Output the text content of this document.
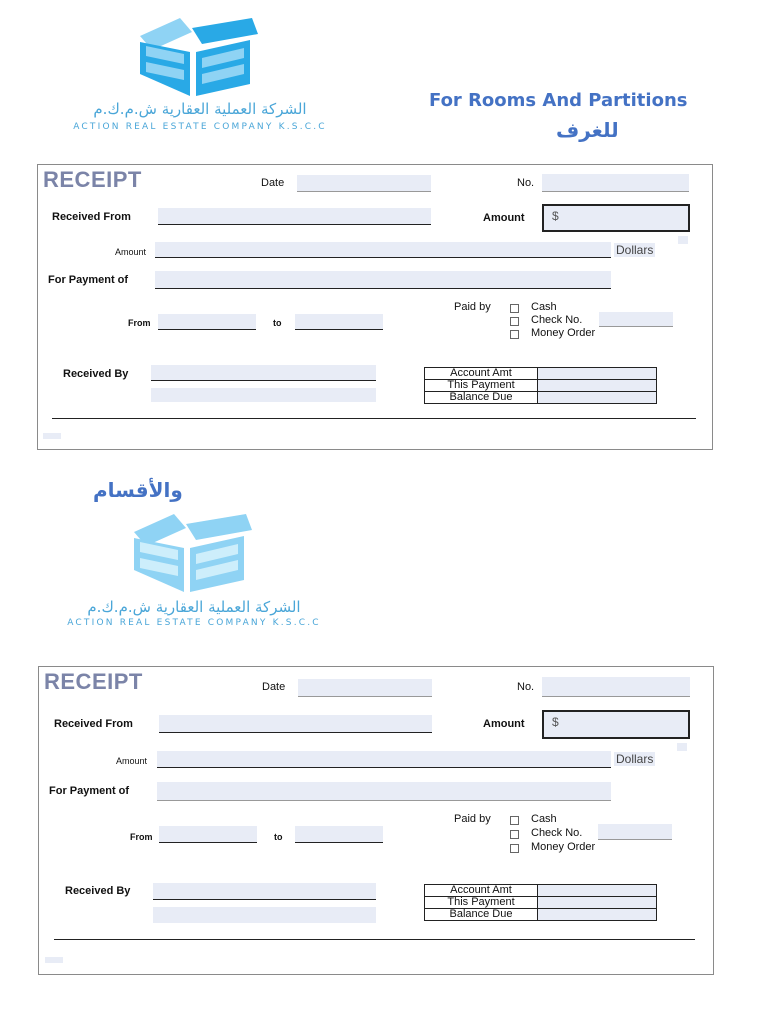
الشركة العملية العقارية ش.م.ك.م
ACTION REAL ESTATE COMPANY K.S.C.C
For Rooms And Partitions
للغرف
RECEIPT	Date	No.
Received From	Amount $
Amount	Dollars
For Payment of
From	to
Paid by	Cash
Check No.
Money Order
Received By	Account Amt	
This Payment	
Balance Due	
والأقسام
الشركة العملية العقارية ش.م.ك.م
ACTION REAL ESTATE COMPANY K.S.C.C
RECEIPT	Date	No.
Received From	Amount $
Amount	Dollars
For Payment of
From	to
Paid by	Cash
Check No.
Money Order
Received By	Account Amt	
This Payment	
Balance Due	
